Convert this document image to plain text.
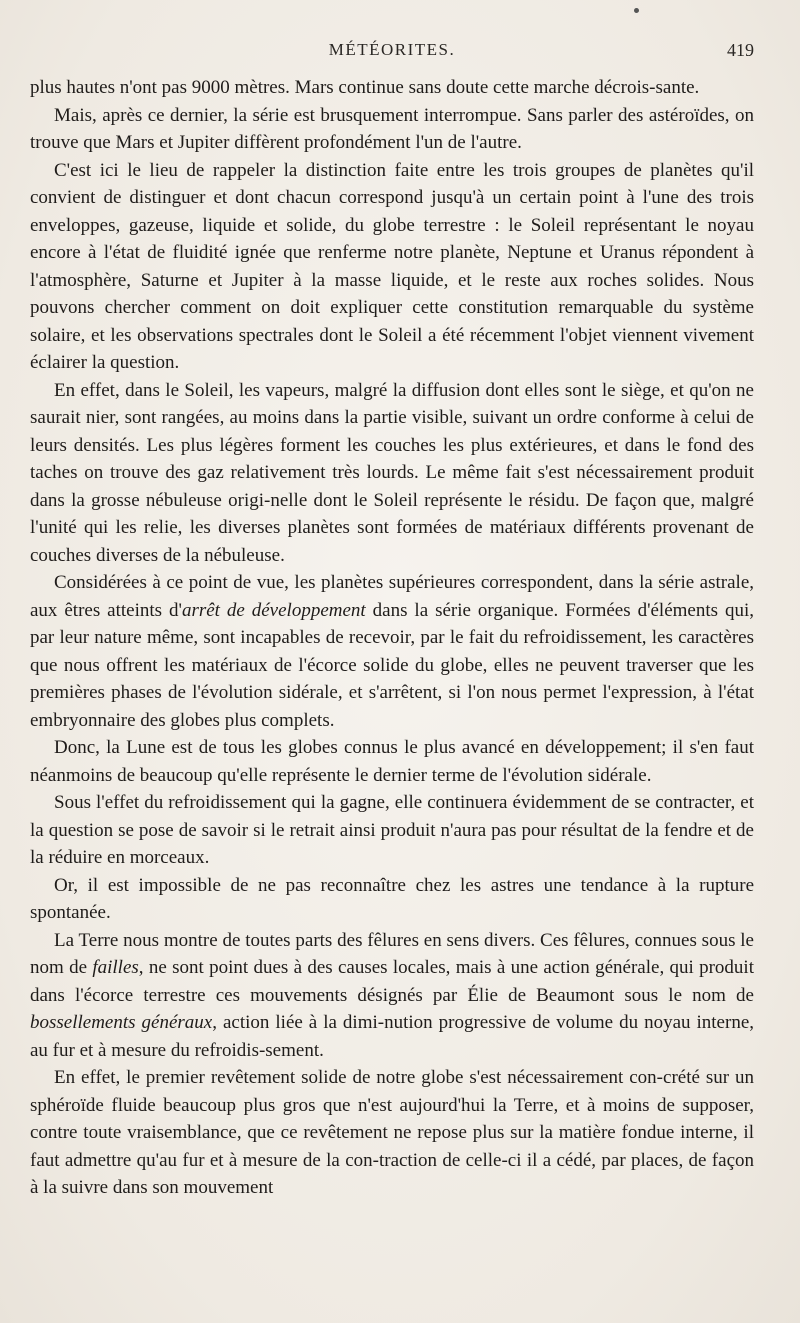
MÉTÉORITES.	419

plus hautes n'ont pas 9000 mètres. Mars continue sans doute cette marche décrois-sante.

Mais, après ce dernier, la série est brusquement interrompue. Sans parler des astéroïdes, on trouve que Mars et Jupiter diffèrent profondément l'un de l'autre.

C'est ici le lieu de rappeler la distinction faite entre les trois groupes de planètes qu'il convient de distinguer et dont chacun correspond jusqu'à un certain point à l'une des trois enveloppes, gazeuse, liquide et solide, du globe terrestre : le Soleil représentant le noyau encore à l'état de fluidité ignée que renferme notre planète, Neptune et Uranus répondent à l'atmosphère, Saturne et Jupiter à la masse liquide, et le reste aux roches solides. Nous pouvons chercher comment on doit expliquer cette constitution remarquable du système solaire, et les observations spectrales dont le Soleil a été récemment l'objet viennent vivement éclairer la question.

En effet, dans le Soleil, les vapeurs, malgré la diffusion dont elles sont le siège, et qu'on ne saurait nier, sont rangées, au moins dans la partie visible, suivant un ordre conforme à celui de leurs densités. Les plus légères forment les couches les plus extérieures, et dans le fond des taches on trouve des gaz relativement très lourds. Le même fait s'est nécessairement produit dans la grosse nébuleuse origi-nelle dont le Soleil représente le résidu. De façon que, malgré l'unité qui les relie, les diverses planètes sont formées de matériaux différents provenant de couches diverses de la nébuleuse.

Considérées à ce point de vue, les planètes supérieures correspondent, dans la série astrale, aux êtres atteints d'arrêt de développement dans la série organique. Formées d'éléments qui, par leur nature même, sont incapables de recevoir, par le fait du refroidissement, les caractères que nous offrent les matériaux de l'écorce solide du globe, elles ne peuvent traverser que les premières phases de l'évolution sidérale, et s'arrêtent, si l'on nous permet l'expression, à l'état embryonnaire des globes plus complets.

Donc, la Lune est de tous les globes connus le plus avancé en développement; il s'en faut néanmoins de beaucoup qu'elle représente le dernier terme de l'évolution sidérale.

Sous l'effet du refroidissement qui la gagne, elle continuera évidemment de se contracter, et la question se pose de savoir si le retrait ainsi produit n'aura pas pour résultat de la fendre et de la réduire en morceaux.

Or, il est impossible de ne pas reconnaître chez les astres une tendance à la rupture spontanée.

La Terre nous montre de toutes parts des fêlures en sens divers. Ces fêlures, connues sous le nom de failles, ne sont point dues à des causes locales, mais à une action générale, qui produit dans l'écorce terrestre ces mouvements désignés par Élie de Beaumont sous le nom de bossellements généraux, action liée à la dimi-nution progressive de volume du noyau interne, au fur et à mesure du refroidis-sement.

En effet, le premier revêtement solide de notre globe s'est nécessairement con-crété sur un sphéroïde fluide beaucoup plus gros que n'est aujourd'hui la Terre, et à moins de supposer, contre toute vraisemblance, que ce revêtement ne repose plus sur la matière fondue interne, il faut admettre qu'au fur et à mesure de la con-traction de celle-ci il a cédé, par places, de façon à la suivre dans son mouvement
